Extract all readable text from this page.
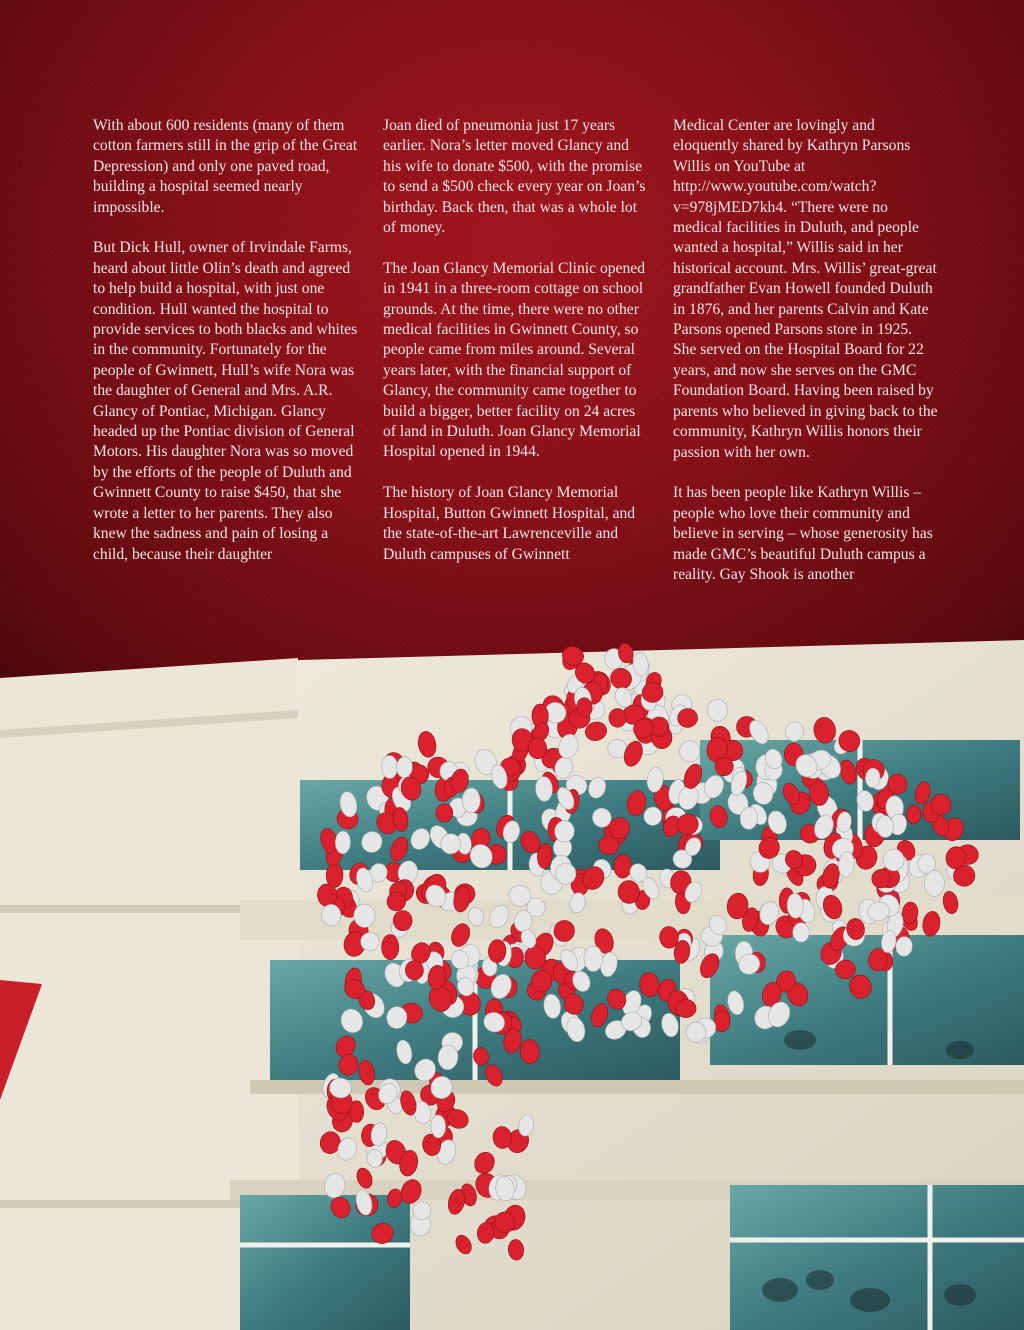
With about 600 residents (many of them cotton farmers still in the grip of the Great Depression) and only one paved road, building a hospital seemed nearly impossible.

But Dick Hull, owner of Irvindale Farms, heard about little Olin’s death and agreed to help build a hospital, with just one condition. Hull wanted the hospital to provide services to both blacks and whites in the community. Fortunately for the people of Gwinnett, Hull’s wife Nora was the daughter of General and Mrs. A.R. Glancy of Pontiac, Michigan. Glancy headed up the Pontiac division of General Motors. His daughter Nora was so moved by the efforts of the people of Duluth and Gwinnett County to raise $450, that she wrote a letter to her parents. They also knew the sadness and pain of losing a child, because their daughter

Joan died of pneumonia just 17 years earlier. Nora’s letter moved Glancy and his wife to donate $500, with the promise to send a $500 check every year on Joan’s birthday. Back then, that was a whole lot of money.

The Joan Glancy Memorial Clinic opened in 1941 in a three-room cottage on school grounds. At the time, there were no other medical facilities in Gwinnett County, so people came from miles around. Several years later, with the financial support of Glancy, the community came together to build a bigger, better facility on 24 acres of land in Duluth. Joan Glancy Memorial Hospital opened in 1944.

The history of Joan Glancy Memorial Hospital, Button Gwinnett Hospital, and the state-of-the-art Lawrenceville and Duluth campuses of Gwinnett

Medical Center are lovingly and eloquently shared by Kathryn Parsons Willis on YouTube at http://www.youtube.com/watch?v=978jMED7kh4. “There were no medical facilities in Duluth, and people wanted a hospital,” Willis said in her historical account. Mrs. Willis’ great-great grandfather Evan Howell founded Duluth in 1876, and her parents Calvin and Kate Parsons opened Parsons store in 1925. She served on the Hospital Board for 22 years, and now she serves on the GMC Foundation Board. Having been raised by parents who believed in giving back to the community, Kathryn Willis honors their passion with her own.

It has been people like Kathryn Willis – people who love their community and believe in serving – whose generosity has made GMC’s beautiful Duluth campus a reality. Gay Shook is another
